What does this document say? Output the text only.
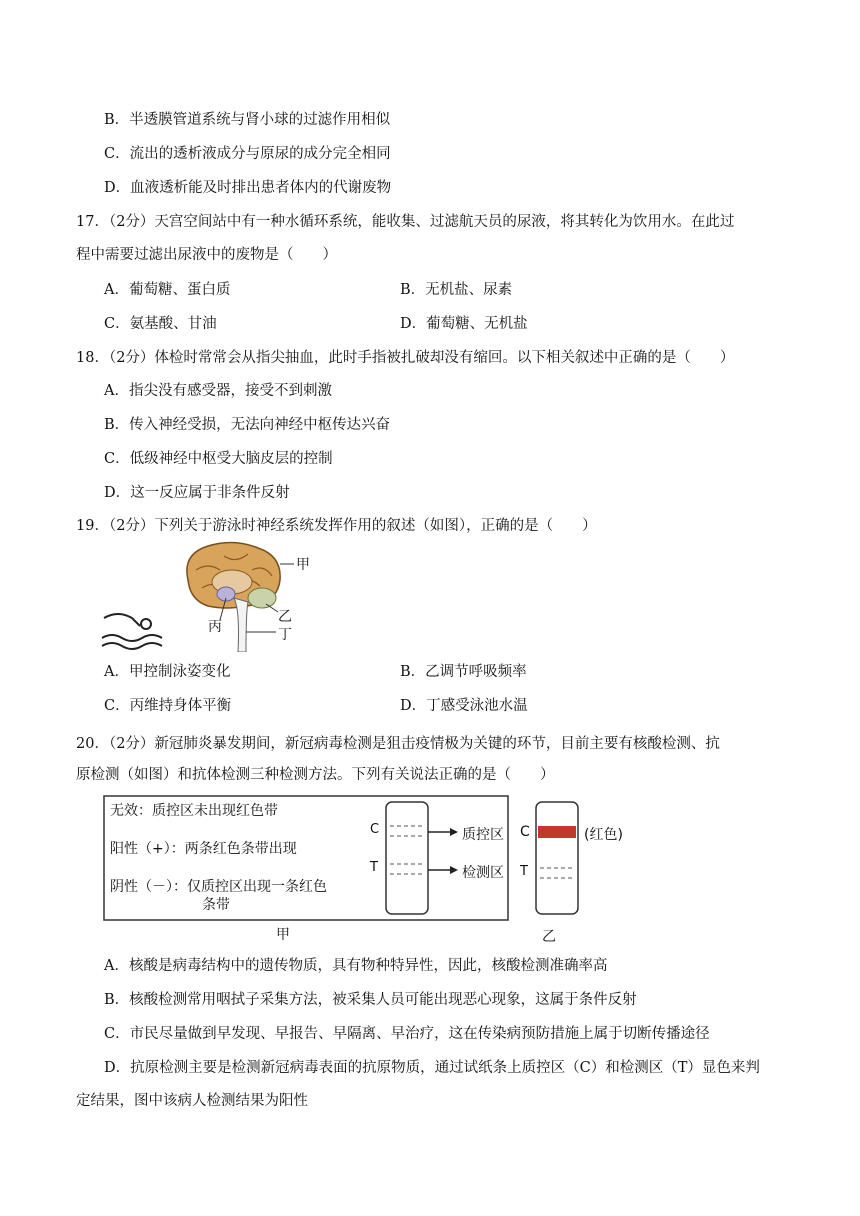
B．半透膜管道系统与肾小球的过滤作用相似
C．流出的透析液成分与原尿的成分完全相同
D．血液透析能及时排出患者体内的代谢废物
17．（2分）天宫空间站中有一种水循环系统，能收集、过滤航天员的尿液，将其转化为饮用水。在此过
程中需要过滤出尿液中的废物是（　　）
A．葡萄糖、蛋白质	B．无机盐、尿素
C．氨基酸、甘油	D．葡萄糖、无机盐
18．（2分）体检时常常会从指尖抽血，此时手指被扎破却没有缩回。以下相关叙述中正确的是（　　）
A．指尖没有感受器，接受不到刺激
B．传入神经受损，无法向神经中枢传达兴奋
C．低级神经中枢受大脑皮层的控制
D．这一反应属于非条件反射
19．（2分）下列关于游泳时神经系统发挥作用的叙述（如图），正确的是（　　）
甲
乙
丙	丁
A．甲控制泳姿变化	B．乙调节呼吸频率
C．丙维持身体平衡	D．丁感受泳池水温
20．（2分）新冠肺炎暴发期间，新冠病毒检测是狙击疫情极为关键的环节，目前主要有核酸检测、抗
原检测（如图）和抗体检测三种检测方法。下列有关说法正确的是（　　）
无效：质控区未出现红色带
阳性（+）：两条红色条带出现
阴性（－）：仅质控区出现一条红色
条带
C
T
质控区
检测区
C
T
(红色)
甲	乙
A．核酸是病毒结构中的遗传物质，具有物种特异性，因此，核酸检测准确率高
B．核酸检测常用咽拭子采集方法，被采集人员可能出现恶心现象，这属于条件反射
C．市民尽量做到早发现、早报告、早隔离、早治疗，这在传染病预防措施上属于切断传播途径
D．抗原检测主要是检测新冠病毒表面的抗原物质，通过试纸条上质控区（C）和检测区（T）显色来判
定结果，图中该病人检测结果为阳性
